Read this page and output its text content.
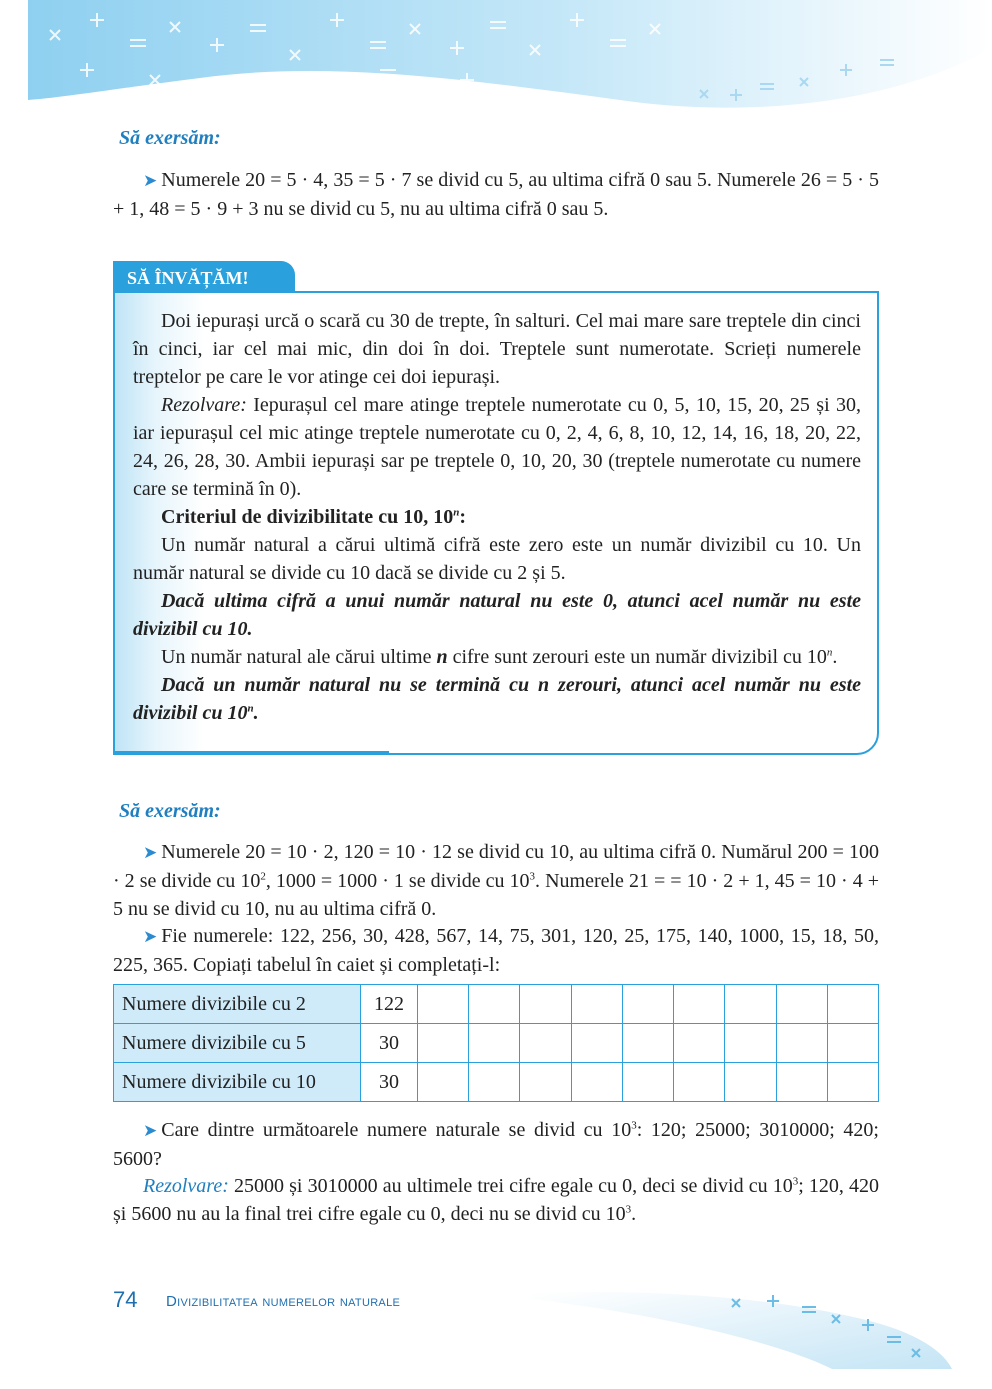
Să exersăm:
➤ Numerele 20 = 5 · 4, 35 = 5 · 7 se divid cu 5, au ultima cifră 0 sau 5. Numerele 26 = 5 · 5 + 1, 48 = 5 · 9 + 3 nu se divid cu 5, nu au ultima cifră 0 sau 5.
SĂ ÎNVĂȚĂM!

Doi iepurași urcă o scară cu 30 de trepte, în salturi. Cel mai mare sare treptele din cinci în cinci, iar cel mai mic, din doi în doi. Treptele sunt numerotate. Scrieți numerele treptelor pe care le vor atinge cei doi iepurași.

Rezolvare: Iepurașul cel mare atinge treptele numerotate cu 0, 5, 10, 15, 20, 25 și 30, iar iepurașul cel mic atinge treptele numerotate cu 0, 2, 4, 6, 8, 10, 12, 14, 16, 18, 20, 22, 24, 26, 28, 30. Ambii iepurași sar pe treptele 0, 10, 20, 30 (treptele numerotate cu numere care se termină în 0).

Criteriul de divizibilitate cu 10, 10$^n$:

Un număr natural a cărui ultimă cifră este zero este un număr divizibil cu 10. Un număr natural se divide cu 10 dacă se divide cu 2 și 5.

Dacă ultima cifră a unui număr natural nu este 0, atunci acel număr nu este divizibil cu 10.

Un număr natural ale cărui ultime n cifre sunt zerouri este un număr divizibil cu 10$^n$.

Dacă un număr natural nu se termină cu n zerouri, atunci acel număr nu este divizibil cu 10$^n$.

Să exersăm:
➤ Numerele 20 = 10 · 2, 120 = 10 · 12 se divid cu 10, au ultima cifră 0. Numărul 200 = 100 · 2 se divide cu $10^2$, 1000 = 1000 · 1 se divide cu $10^3$. Numerele 21 = = 10 · 2 + 1, 45 = 10 · 4 + 5 nu se divid cu 10, nu au ultima cifră 0.
➤ Fie numerele: 122, 256, 30, 428, 567, 14, 75, 301, 120, 25, 175, 140, 1000, 15, 18, 50, 225, 365. Copiați tabelul în caiet și completați-l:
Numere divizibile cu 2	122									
Numere divizibile cu 5	30									
Numere divizibile cu 10	30									
➤ Care dintre următoarele numere naturale se divid cu $10^3$: 120; 25000; 3010000; 420; 5600?
Rezolvare: 25000 și 3010000 au ultimele trei cifre egale cu 0, deci se divid cu $10^3$; 120, 420 și 5600 nu au la final trei cifre egale cu 0, deci nu se divid cu $10^3$.
74 Divizibilitatea numerelor naturale
